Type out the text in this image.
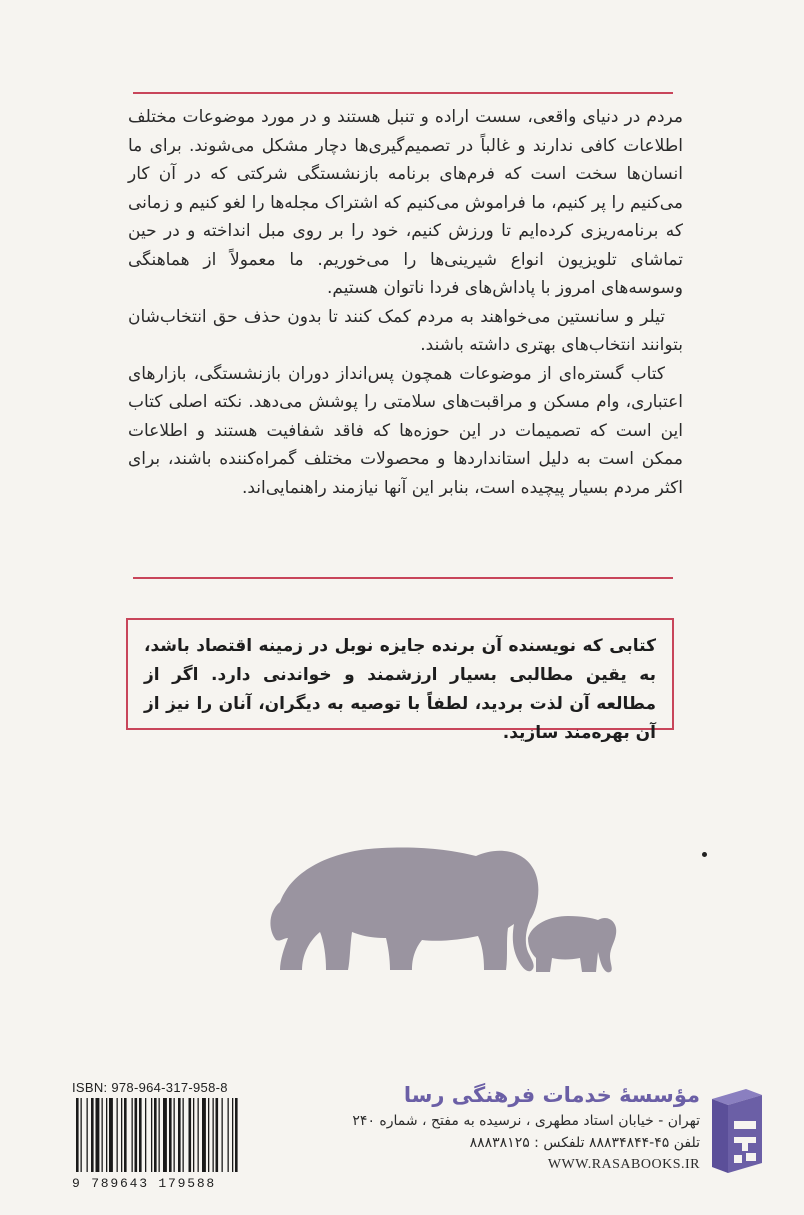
مردم در دنیای واقعی، سست اراده و تنبل هستند و در مورد موضوعات مختلف اطلاعات کافی ندارند و غالباً در تصمیم‌گیری‌ها دچار مشکل می‌شوند. برای ما انسان‌ها سخت است که فرم‌های برنامه بازنشستگی شرکتی که در آن کار می‌کنیم را پر کنیم، ما فراموش می‌کنیم که اشتراک مجله‌ها را لغو کنیم و زمانی که برنامه‌ریزی کرده‌ایم تا ورزش کنیم، خود را بر روی مبل انداخته و در حین تماشای تلویزیون انواع شیرینی‌ها را می‌خوریم. ما معمولاً از هماهنگی وسوسه‌های امروز با پاداش‌های فردا ناتوان هستیم.

تیلر و سانستین می‌خواهند به مردم کمک کنند تا بدون حذف حق انتخاب‌شان بتوانند انتخاب‌های بهتری داشته باشند.

کتاب گستره‌ای از موضوعات همچون پس‌انداز دوران بازنشستگی، بازارهای اعتباری، وام مسکن و مراقبت‌های سلامتی را پوشش می‌دهد. نکته اصلی کتاب این است که تصمیمات در این حوزه‌ها که فاقد شفافیت هستند و اطلاعات ممکن است به دلیل استانداردها و محصولات مختلف گمراه‌کننده باشند، برای اکثر مردم بسیار پیچیده است، بنابر این آنها نیازمند راهنمایی‌اند.

کتابی که نویسنده آن برنده جایزه نوبل در زمینه اقتصاد باشد، به یقین مطالبی بسیار ارزشمند و خواندنی دارد. اگر از مطالعه آن لذت بردید، لطفاً با توصیه به دیگران، آنان را نیز از آن بهره‌مند سازید.
ISBN: 978-964-317-958-8
9 789643 179588
مؤسسهٔ خدمات فرهنگی رسا
تهران - خیابان استاد مطهری ، نرسیده به مفتح ، شماره ۲۴۰
تلفن ۴۵-۸۸۸۳۴۸۴۴ تلفکس : ۸۸۸۳۸۱۲۵
WWW.RASABOOKS.IR
